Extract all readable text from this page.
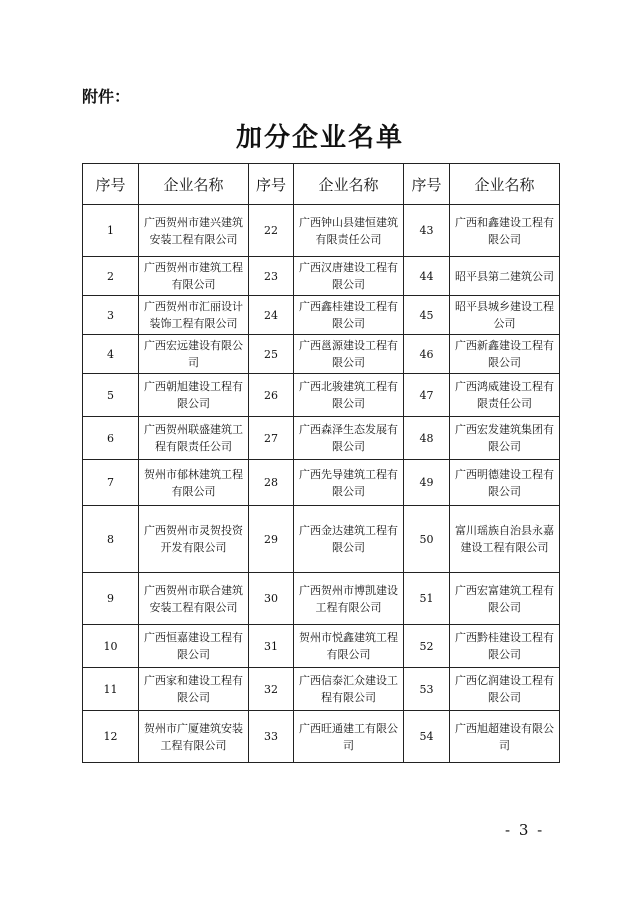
附件：
加分企业名单
序号	企业名称	序号	企业名称	序号	企业名称
1	广西贺州市建兴建筑安装工程有限公司	22	广西钟山县建恒建筑有限责任公司	43	广西和鑫建设工程有限公司
2	广西贺州市建筑工程有限公司	23	广西汉唐建设工程有限公司	44	昭平县第二建筑公司
3	广西贺州市汇丽设计装饰工程有限公司	24	广西鑫桂建设工程有限公司	45	昭平县城乡建设工程公司
4	广西宏远建设有限公司	25	广西邕源建设工程有限公司	46	广西新鑫建设工程有限公司
5	广西朝旭建设工程有限公司	26	广西北骏建筑工程有限公司	47	广西鸿威建设工程有限责任公司
6	广西贺州联盛建筑工程有限责任公司	27	广西森泽生态发展有限公司	48	广西宏发建筑集团有限公司
7	贺州市郁林建筑工程有限公司	28	广西先导建筑工程有限公司	49	广西明德建设工程有限公司
8	广西贺州市灵贺投资开发有限公司	29	广西金达建筑工程有限公司	50	富川瑶族自治县永嘉建设工程有限公司
9	广西贺州市联合建筑安装工程有限公司	30	广西贺州市博凯建设工程有限公司	51	广西宏富建筑工程有限公司
10	广西恒嘉建设工程有限公司	31	贺州市悦鑫建筑工程有限公司	52	广西黔桂建设工程有限公司
11	广西家和建设工程有限公司	32	广西信泰汇众建设工程有限公司	53	广西亿润建设工程有限公司
12	贺州市广厦建筑安装工程有限公司	33	广西旺通建工有限公司	54	广西旭超建设有限公司
- 3 -
